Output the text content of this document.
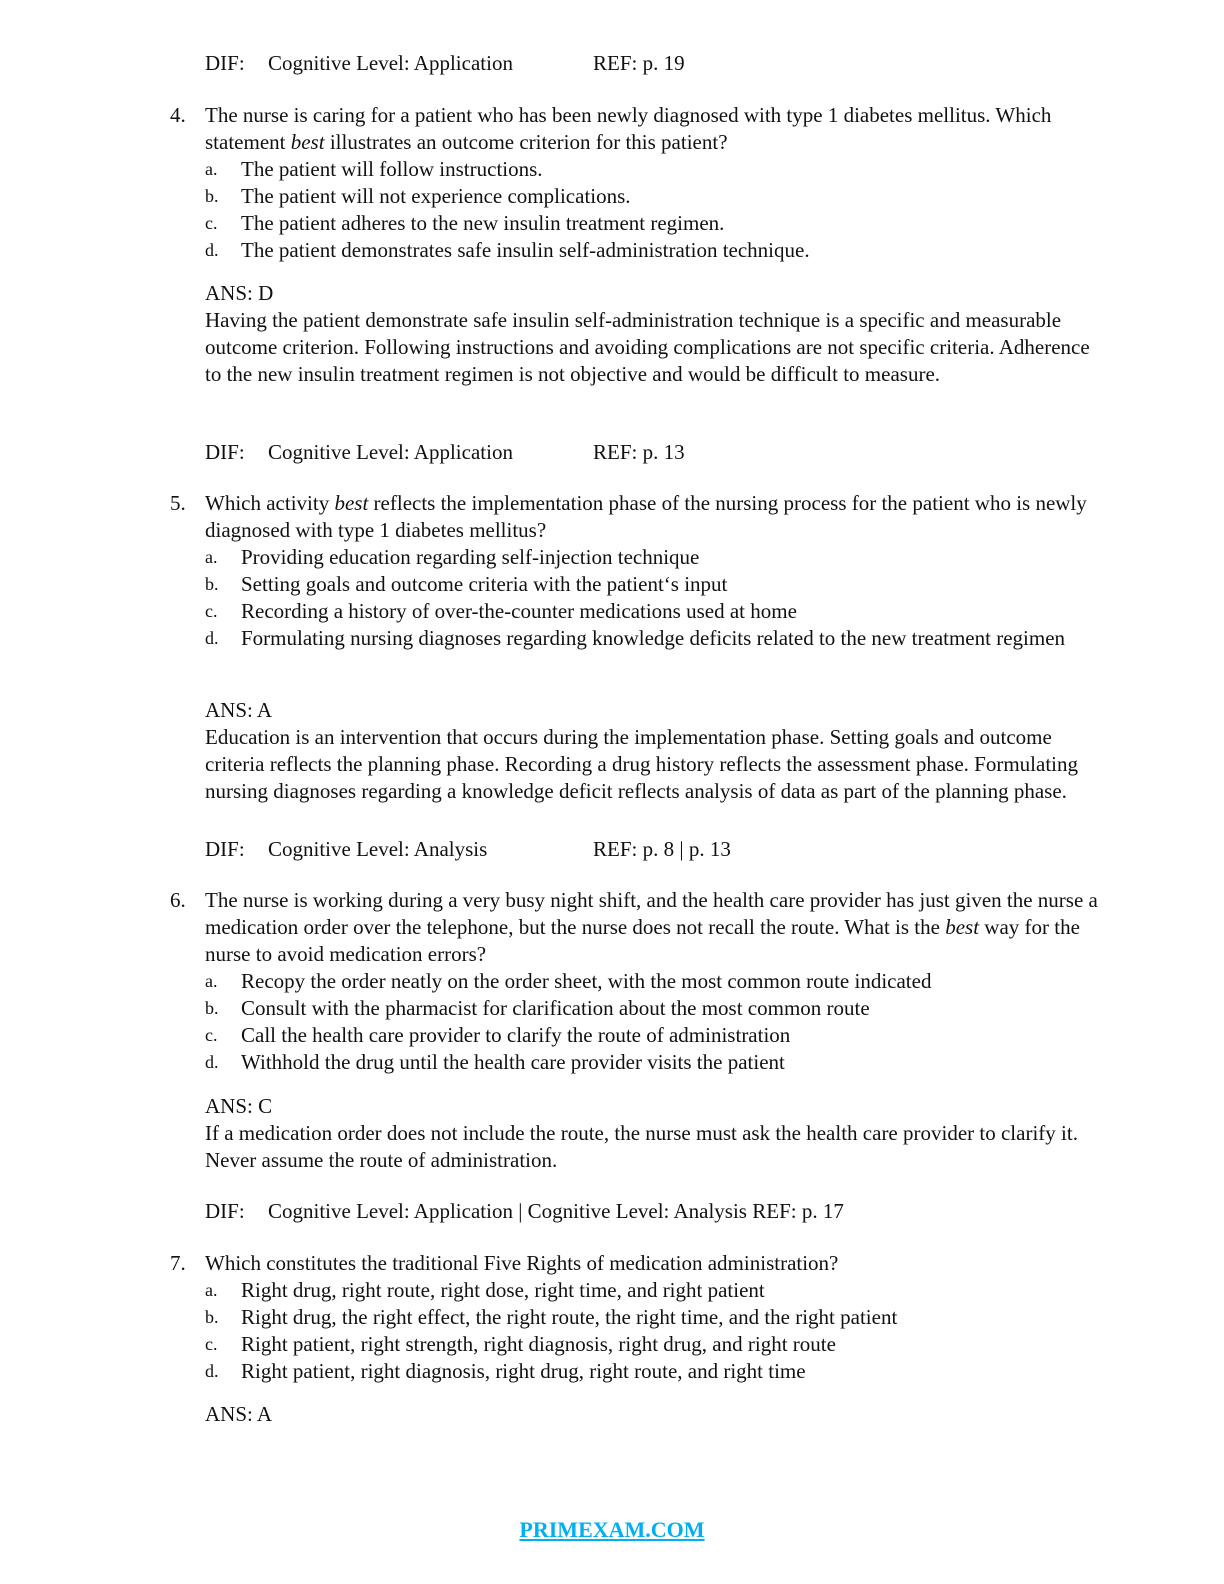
DIF: Cognitive Level: Application	REF: p. 19
4. The nurse is caring for a patient who has been newly diagnosed with type 1 diabetes mellitus. Which statement best illustrates an outcome criterion for this patient?
a. The patient will follow instructions.
b. The patient will not experience complications.
c. The patient adheres to the new insulin treatment regimen.
d. The patient demonstrates safe insulin self-administration technique.
ANS: D
Having the patient demonstrate safe insulin self-administration technique is a specific and measurable outcome criterion. Following instructions and avoiding complications are not specific criteria. Adherence to the new insulin treatment regimen is not objective and would be difficult to measure.
DIF: Cognitive Level: Application	REF: p. 13
5. Which activity best reflects the implementation phase of the nursing process for the patient who is newly diagnosed with type 1 diabetes mellitus?
a. Providing education regarding self-injection technique
b. Setting goals and outcome criteria with the patient‘s input
c. Recording a history of over-the-counter medications used at home
d. Formulating nursing diagnoses regarding knowledge deficits related to the new treatment regimen
ANS: A
Education is an intervention that occurs during the implementation phase. Setting goals and outcome criteria reflects the planning phase. Recording a drug history reflects the assessment phase. Formulating nursing diagnoses regarding a knowledge deficit reflects analysis of data as part of the planning phase.
DIF: Cognitive Level: Analysis	REF: p. 8 | p. 13
6. The nurse is working during a very busy night shift, and the health care provider has just given the nurse a medication order over the telephone, but the nurse does not recall the route. What is the best way for the nurse to avoid medication errors?
a. Recopy the order neatly on the order sheet, with the most common route indicated
b. Consult with the pharmacist for clarification about the most common route
c. Call the health care provider to clarify the route of administration
d. Withhold the drug until the health care provider visits the patient
ANS: C
If a medication order does not include the route, the nurse must ask the health care provider to clarify it. Never assume the route of administration.
DIF: Cognitive Level: Application | Cognitive Level: Analysis REF: p. 17
7. Which constitutes the traditional Five Rights of medication administration?
a. Right drug, right route, right dose, right time, and right patient
b. Right drug, the right effect, the right route, the right time, and the right patient
c. Right patient, right strength, right diagnosis, right drug, and right route
d. Right patient, right diagnosis, right drug, right route, and right time
ANS: A
PRIMEXAM.COM
